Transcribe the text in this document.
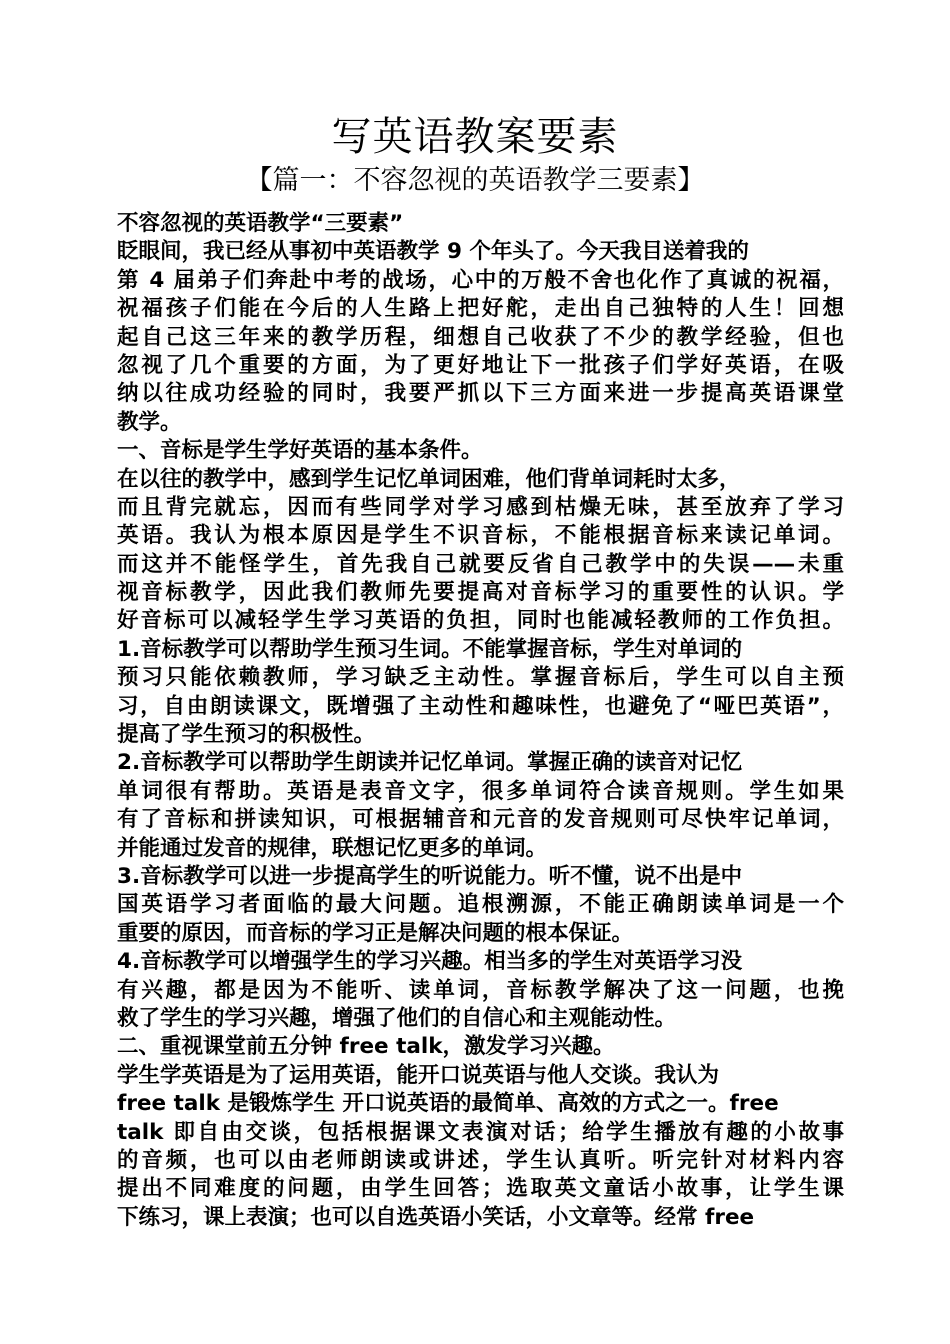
写英语教案要素
【篇一：不容忽视的英语教学三要素】
不容忽视的英语教学“三要素”
眨眼间，我已经从事初中英语教学 9 个年头了。今天我目送着我的
第 4 届弟子们奔赴中考的战场，心中的万般不舍也化作了真诚的祝福，
祝福孩子们能在今后的人生路上把好舵，走出自己独特的人生！回想
起自己这三年来的教学历程，细想自己收获了不少的教学经验，但也
忽视了几个重要的方面，为了更好地让下一批孩子们学好英语，在吸
纳以往成功经验的同时，我要严抓以下三方面来进一步提高英语课堂
教学。
一、音标是学生学好英语的基本条件。
在以往的教学中，感到学生记忆单词困难，他们背单词耗时太多，
而且背完就忘，因而有些同学对学习感到枯燥无味，甚至放弃了学习
英语。我认为根本原因是学生不识音标，不能根据音标来读记单词。
而这并不能怪学生，首先我自己就要反省自己教学中的失误——未重
视音标教学，因此我们教师先要提高对音标学习的重要性的认识。学
好音标可以减轻学生学习英语的负担，同时也能减轻教师的工作负担。
1.音标教学可以帮助学生预习生词。不能掌握音标，学生对单词的
预习只能依赖教师，学习缺乏主动性。掌握音标后，学生可以自主预
习，自由朗读课文，既增强了主动性和趣味性，也避免了“哑巴英语”，
提高了学生预习的积极性。
2.音标教学可以帮助学生朗读并记忆单词。掌握正确的读音对记忆
单词很有帮助。英语是表音文字，很多单词符合读音规则。学生如果
有了音标和拼读知识，可根据辅音和元音的发音规则可尽快牢记单词，
并能通过发音的规律，联想记忆更多的单词。
3.音标教学可以进一步提高学生的听说能力。听不懂，说不出是中
国英语学习者面临的最大问题。追根溯源，不能正确朗读单词是一个
重要的原因，而音标的学习正是解决问题的根本保证。
4.音标教学可以增强学生的学习兴趣。相当多的学生对英语学习没
有兴趣，都是因为不能听、读单词，音标教学解决了这一问题，也挽
救了学生的学习兴趣，增强了他们的自信心和主观能动性。
二、重视课堂前五分钟 free talk，激发学习兴趣。
学生学英语是为了运用英语，能开口说英语与他人交谈。我认为
free talk 是锻炼学生 开口说英语的最简单、高效的方式之一。free
talk 即自由交谈，包括根据课文表演对话；给学生播放有趣的小故事
的音频，也可以由老师朗读或讲述，学生认真听。听完针对材料内容
提出不同难度的问题，由学生回答；选取英文童话小故事，让学生课
下练习，课上表演；也可以自选英语小笑话，小文章等。经常 free
